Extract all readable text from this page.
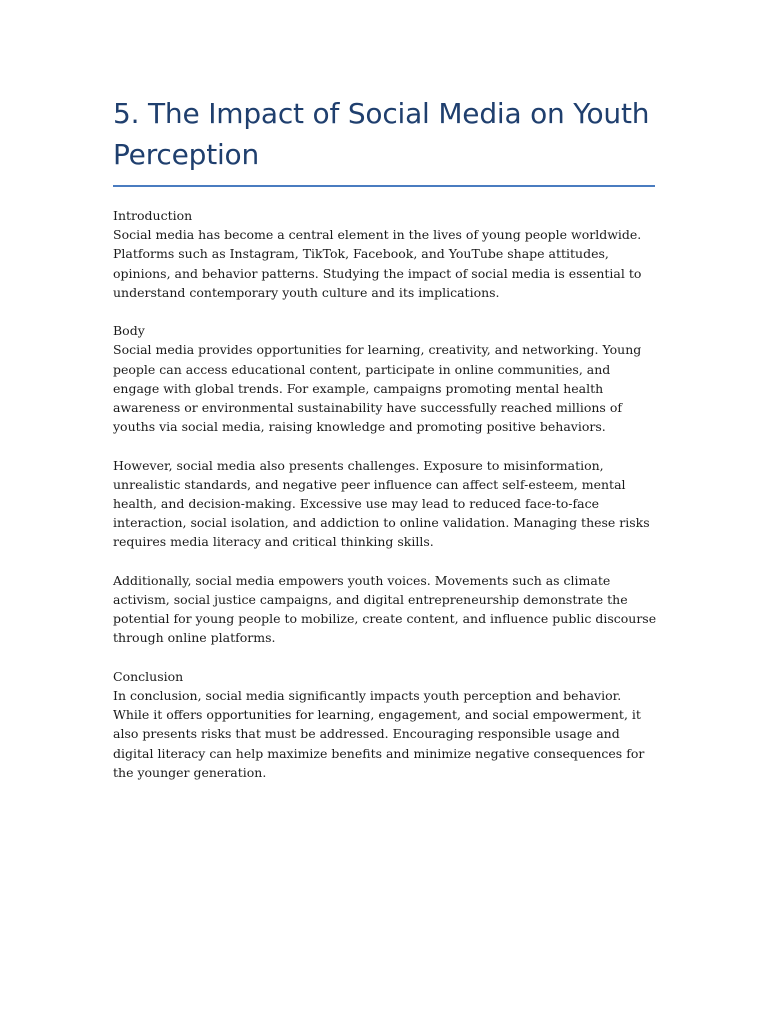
5. The Impact of Social Media on Youth Perception
Introduction

Social media has become a central element in the lives of young people worldwide. Platforms such as Instagram, TikTok, Facebook, and YouTube shape attitudes, opinions, and behavior patterns. Studying the impact of social media is essential to understand contemporary youth culture and its implications.

Body

Social media provides opportunities for learning, creativity, and networking. Young people can access educational content, participate in online communities, and engage with global trends. For example, campaigns promoting mental health awareness or environmental sustainability have successfully reached millions of youths via social media, raising knowledge and promoting positive behaviors.

However, social media also presents challenges. Exposure to misinformation, unrealistic standards, and negative peer influence can affect self-esteem, mental health, and decision-making. Excessive use may lead to reduced face-to-face interaction, social isolation, and addiction to online validation. Managing these risks requires media literacy and critical thinking skills.

Additionally, social media empowers youth voices. Movements such as climate activism, social justice campaigns, and digital entrepreneurship demonstrate the potential for young people to mobilize, create content, and influence public discourse through online platforms.

Conclusion

In conclusion, social media significantly impacts youth perception and behavior. While it offers opportunities for learning, engagement, and social empowerment, it also presents risks that must be addressed. Encouraging responsible usage and digital literacy can help maximize benefits and minimize negative consequences for the younger generation.
